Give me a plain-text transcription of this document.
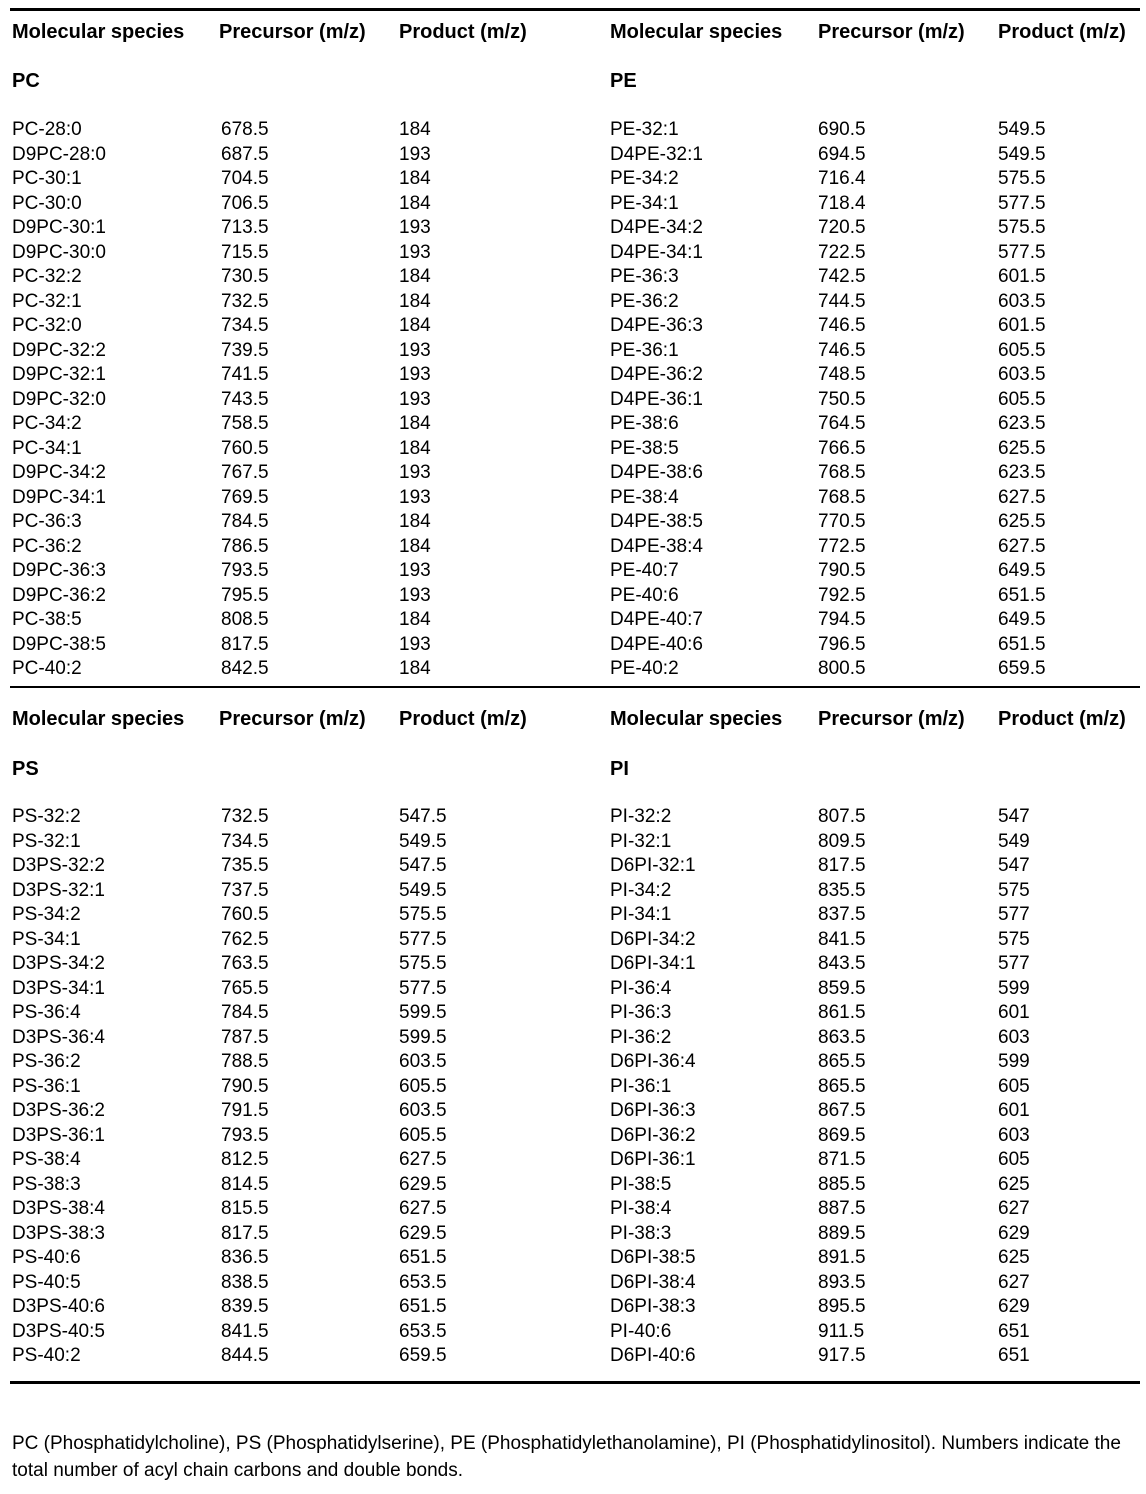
Molecular species Precursor (m/z) Product (m/z)
PC
PC-28:0	678.5	184
D9PC-28:0	687.5	193
PC-30:1	704.5	184
PC-30:0	706.5	184
D9PC-30:1	713.5	193
D9PC-30:0	715.5	193
PC-32:2	730.5	184
PC-32:1	732.5	184
PC-32:0	734.5	184
D9PC-32:2	739.5	193
D9PC-32:1	741.5	193
D9PC-32:0	743.5	193
PC-34:2	758.5	184
PC-34:1	760.5	184
D9PC-34:2	767.5	193
D9PC-34:1	769.5	193
PC-36:3	784.5	184
PC-36:2	786.5	184
D9PC-36:3	793.5	193
D9PC-36:2	795.5	193
PC-38:5	808.5	184
D9PC-38:5	817.5	193
PC-40:2	842.5	184
Molecular species Precursor (m/z) Product (m/z)
PE
PE-32:1	690.5	549.5
D4PE-32:1	694.5	549.5
PE-34:2	716.4	575.5
PE-34:1	718.4	577.5
D4PE-34:2	720.5	575.5
D4PE-34:1	722.5	577.5
PE-36:3	742.5	601.5
PE-36:2	744.5	603.5
D4PE-36:3	746.5	601.5
PE-36:1	746.5	605.5
D4PE-36:2	748.5	603.5
D4PE-36:1	750.5	605.5
PE-38:6	764.5	623.5
PE-38:5	766.5	625.5
D4PE-38:6	768.5	623.5
PE-38:4	768.5	627.5
D4PE-38:5	770.5	625.5
D4PE-38:4	772.5	627.5
PE-40:7	790.5	649.5
PE-40:6	792.5	651.5
D4PE-40:7	794.5	649.5
D4PE-40:6	796.5	651.5
PE-40:2	800.5	659.5
Molecular species Precursor (m/z) Product (m/z)
PS
PS-32:2	732.5	547.5
PS-32:1	734.5	549.5
D3PS-32:2	735.5	547.5
D3PS-32:1	737.5	549.5
PS-34:2	760.5	575.5
PS-34:1	762.5	577.5
D3PS-34:2	763.5	575.5
D3PS-34:1	765.5	577.5
PS-36:4	784.5	599.5
D3PS-36:4	787.5	599.5
PS-36:2	788.5	603.5
PS-36:1	790.5	605.5
D3PS-36:2	791.5	603.5
D3PS-36:1	793.5	605.5
PS-38:4	812.5	627.5
PS-38:3	814.5	629.5
D3PS-38:4	815.5	627.5
D3PS-38:3	817.5	629.5
PS-40:6	836.5	651.5
PS-40:5	838.5	653.5
D3PS-40:6	839.5	651.5
D3PS-40:5	841.5	653.5
PS-40:2	844.5	659.5
Molecular species Precursor (m/z) Product (m/z)
PI
PI-32:2	807.5	547
PI-32:1	809.5	549
D6PI-32:1	817.5	547
PI-34:2	835.5	575
PI-34:1	837.5	577
D6PI-34:2	841.5	575
D6PI-34:1	843.5	577
PI-36:4	859.5	599
PI-36:3	861.5	601
PI-36:2	863.5	603
D6PI-36:4	865.5	599
PI-36:1	865.5	605
D6PI-36:3	867.5	601
D6PI-36:2	869.5	603
D6PI-36:1	871.5	605
PI-38:5	885.5	625
PI-38:4	887.5	627
PI-38:3	889.5	629
D6PI-38:5	891.5	625
D6PI-38:4	893.5	627
D6PI-38:3	895.5	629
PI-40:6	911.5	651
D6PI-40:6	917.5	651
PC (Phosphatidylcholine), PS (Phosphatidylserine), PE (Phosphatidylethanolamine), PI (Phosphatidylinositol). Numbers indicate the total number of acyl chain carbons and double bonds.
